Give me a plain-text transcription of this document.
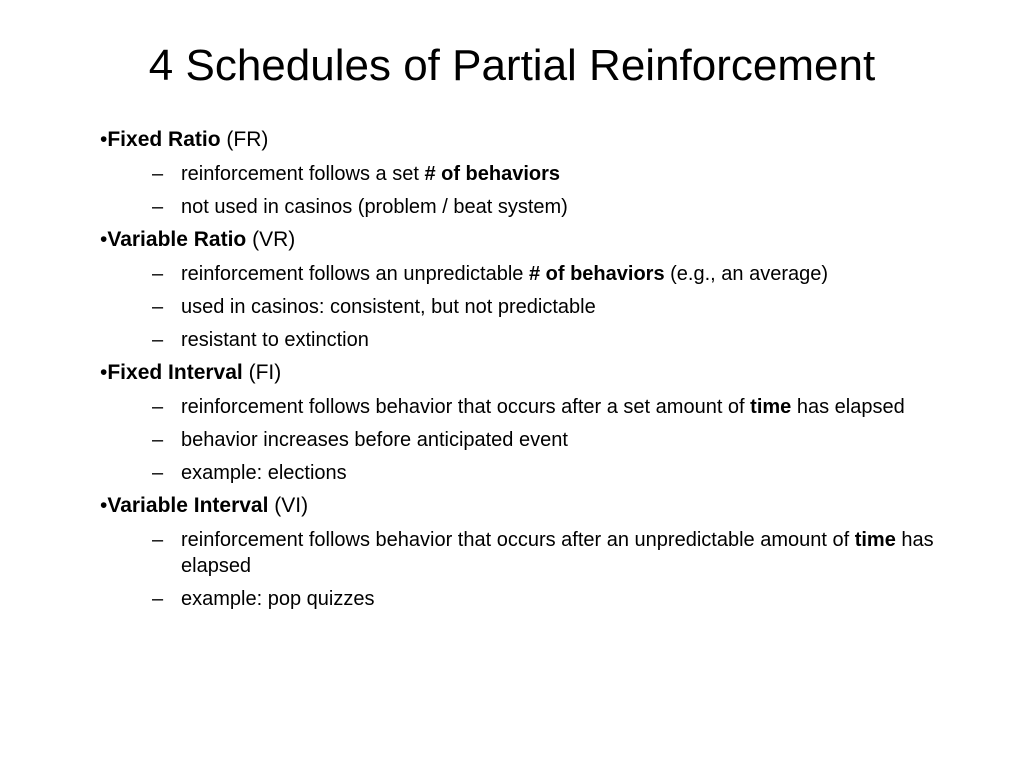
4 Schedules of Partial Reinforcement
•Fixed Ratio (FR)
– reinforcement follows a set # of behaviors
– not used in casinos (problem / beat system)
•Variable Ratio (VR)
– reinforcement follows an unpredictable # of behaviors (e.g., an average)
– used in casinos: consistent, but not predictable
– resistant to extinction
•Fixed Interval (FI)
– reinforcement follows behavior that occurs after a set amount of time has elapsed
– behavior increases before anticipated event
– example: elections
•Variable Interval (VI)
– reinforcement follows behavior that occurs after an unpredictable amount of time has elapsed
– example: pop quizzes
